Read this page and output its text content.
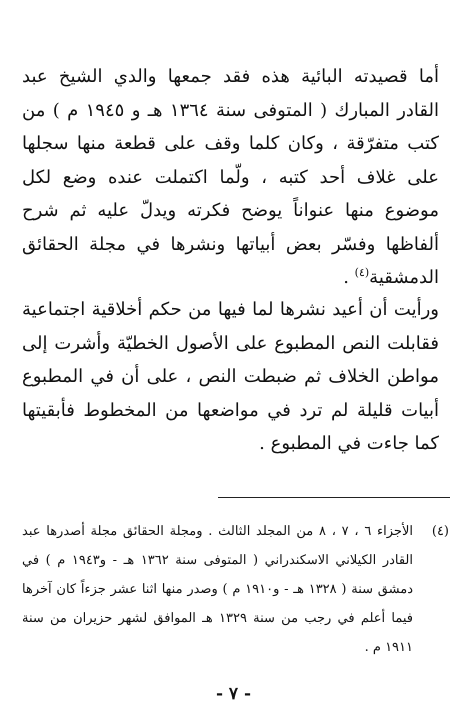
أما قصيدته البائية هذه فقد جمعها والدي الشيخ عبد القادر المبارك ( المتوفى سنة ١٣٦٤ هـ و ١٩٤٥ م ) من كتب متفرّقة ، وكان كلما وقف على قطعة منها سجلها على غلاف أحد كتبه ، ولّما اكتملت عنده وضع لكل موضوع منها عنواناً يوضح فكرته ويدلّ عليه ثم شرح ألفاظها وفسّر بعض أبياتها ونشرها في مجلة الحقائق الدمشقية$^{(٤)}$ .

ورأيت أن أعيد نشرها لما فيها من حكم أخلاقية اجتماعية فقابلت النص المطبوع على الأصول الخطيّة وأشرت إلى مواطن الخلاف ثم ضبطت النص ، على أن في المطبوع أبيات قليلة لم ترد في مواضعها من المخطوط فأبقيتها كما جاءت في المطبوع .

(٤)
الأجزاء ٦ ، ٧ ، ٨ من المجلد الثالث . ومجلة الحقائق مجلة أصدرها عبد القادر الكيلاني الاسكندراني ( المتوفى سنة ١٣٦٢ هـ - و١٩٤٣ م ) في دمشق سنة ( ١٣٢٨ هـ - و١٩١٠ م ) وصدر منها اثنا عشر جزءاً كان آخرها فيما أعلم في رجب من سنة ١٣٢٩ هـ الموافق لشهر حزيران من سنة ١٩١١ م .
- ٧ -
